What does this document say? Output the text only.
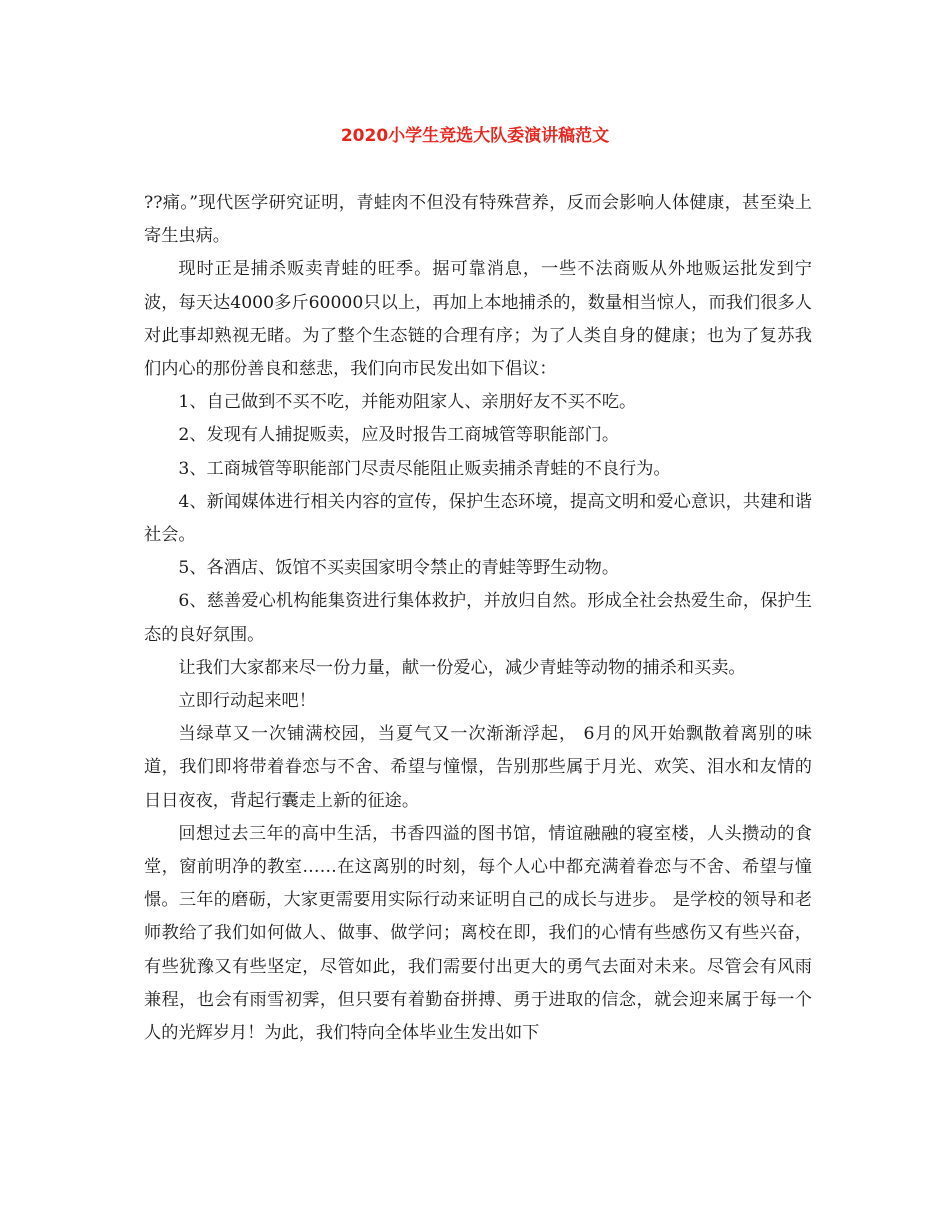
2020小学生竞选大队委演讲稿范文

??痛。”现代医学研究证明，青蛙肉不但没有特殊营养，反而会影响人体健康，甚至染上寄生虫病。

现时正是捕杀贩卖青蛙的旺季。据可靠消息，一些不法商贩从外地贩运批发到宁波，每天达4000多斤60000只以上，再加上本地捕杀的，数量相当惊人，而我们很多人对此事却熟视无睹。为了整个生态链的合理有序；为了人类自身的健康；也为了复苏我们内心的那份善良和慈悲，我们向市民发出如下倡议：

1、自己做到不买不吃，并能劝阻家人、亲朋好友不买不吃。

2、发现有人捕捉贩卖，应及时报告工商城管等职能部门。

3、工商城管等职能部门尽责尽能阻止贩卖捕杀青蛙的不良行为。

4、新闻媒体进行相关内容的宣传，保护生态环境，提高文明和爱心意识，共建和谐社会。

5、各酒店、饭馆不买卖国家明令禁止的青蛙等野生动物。

6、慈善爱心机构能集资进行集体救护，并放归自然。形成全社会热爱生命，保护生态的良好氛围。

让我们大家都来尽一份力量，献一份爱心，减少青蛙等动物的捕杀和买卖。

立即行动起来吧！

当绿草又一次铺满校园，当夏气又一次渐渐浮起， 6月的风开始飘散着离别的味道，我们即将带着眷恋与不舍、希望与憧憬，告别那些属于月光、欢笑、泪水和友情的日日夜夜，背起行囊走上新的征途。

回想过去三年的高中生活，书香四溢的图书馆，情谊融融的寝室楼，人头攒动的食堂，窗前明净的教室……在这离别的时刻，每个人心中都充满着眷恋与不舍、希望与憧憬。三年的磨砺，大家更需要用实际行动来证明自己的成长与进步。 是学校的领导和老师教给了我们如何做人、做事、做学问；离校在即，我们的心情有些感伤又有些兴奋，有些犹豫又有些坚定，尽管如此，我们需要付出更大的勇气去面对未来。尽管会有风雨兼程，也会有雨雪初霁，但只要有着勤奋拼搏、勇于进取的信念，就会迎来属于每一个人的光辉岁月！为此，我们特向全体毕业生发出如下
